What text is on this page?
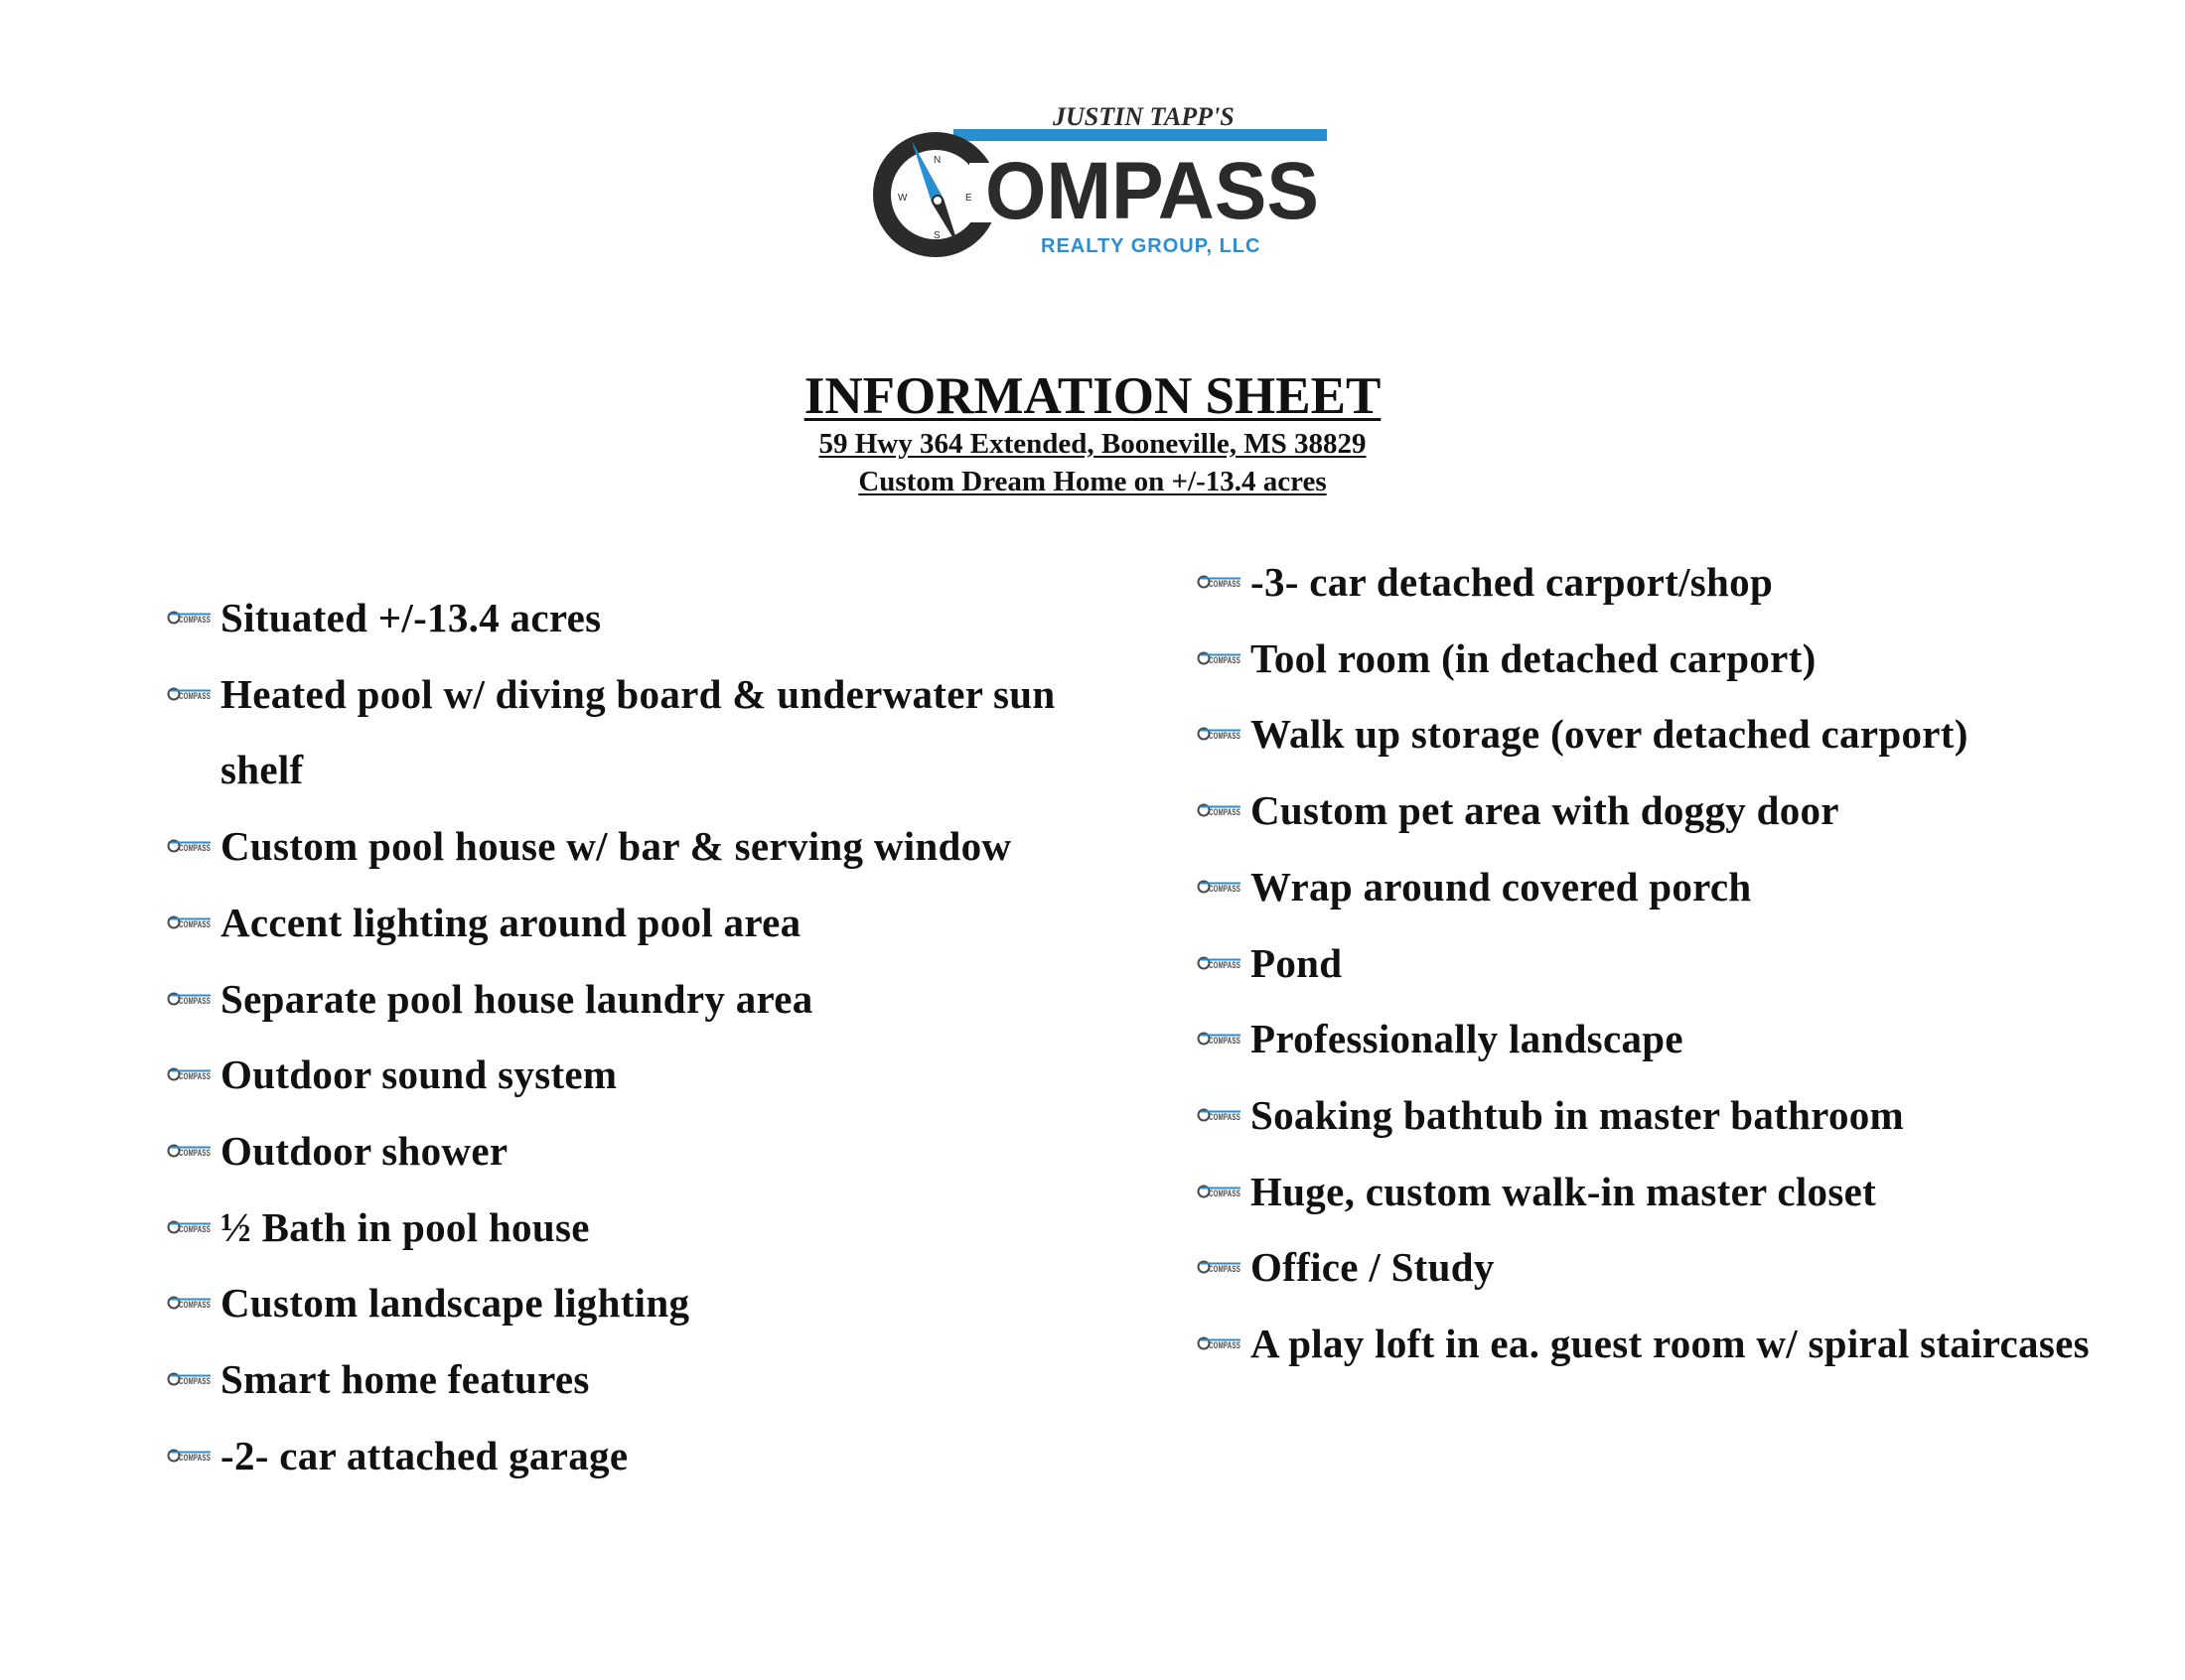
N
E
S
W
JUSTIN TAPP'S
OMPASS
REALTY GROUP, LLC
INFORMATION SHEET
59 Hwy 364 Extended, Booneville, MS 38829
Custom Dream Home on +/-13.4 acres
COMPASS Situated +/-13.4 acres
COMPASS Heated pool w/ diving board & underwater sun shelf
COMPASS Custom pool house w/ bar & serving window
COMPASS Accent lighting around pool area
COMPASS Separate pool house laundry area
COMPASS Outdoor sound system
COMPASS Outdoor shower
COMPASS ½ Bath in pool house
COMPASS Custom landscape lighting
COMPASS Smart home features
COMPASS -2- car attached garage
COMPASS -3- car detached carport/shop
COMPASS Tool room (in detached carport)
COMPASS Walk up storage (over detached carport)
COMPASS Custom pet area with doggy door
COMPASS Wrap around covered porch
COMPASS Pond
COMPASS Professionally landscape
COMPASS Soaking bathtub in master bathroom
COMPASS Huge, custom walk-in master closet
COMPASS Office / Study
COMPASS A play loft in ea. guest room w/ spiral staircases
